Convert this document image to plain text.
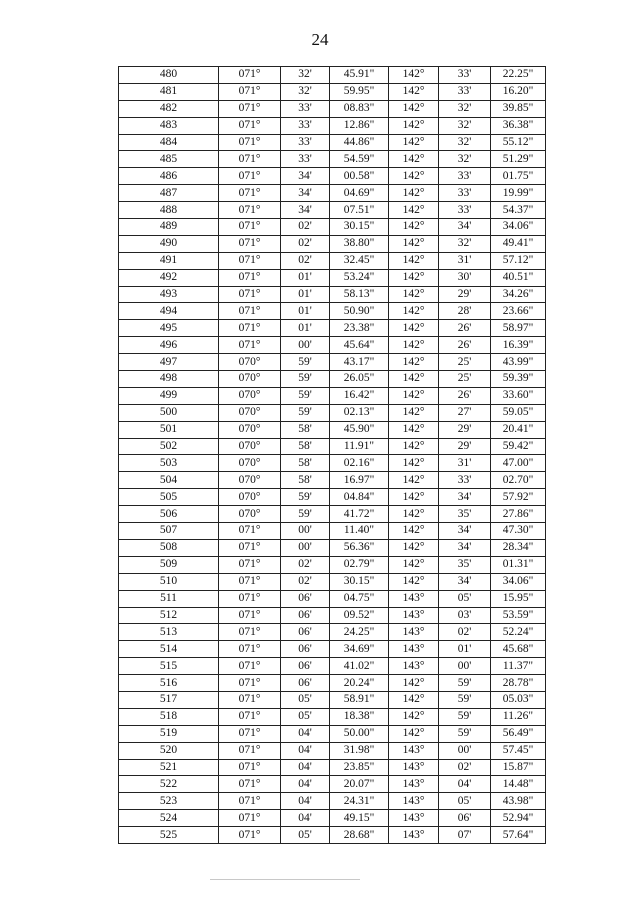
24
480	071°	32'	45.91"	142°	33'	22.25"
481	071°	32'	59.95"	142°	33'	16.20"
482	071°	33'	08.83"	142°	32'	39.85"
483	071°	33'	12.86"	142°	32'	36.38"
484	071°	33'	44.86"	142°	32'	55.12"
485	071°	33'	54.59"	142°	32'	51.29"
486	071°	34'	00.58"	142°	33'	01.75"
487	071°	34'	04.69"	142°	33'	19.99"
488	071°	34'	07.51"	142°	33'	54.37"
489	071°	02'	30.15"	142°	34'	34.06"
490	071°	02'	38.80"	142°	32'	49.41"
491	071°	02'	32.45"	142°	31'	57.12"
492	071°	01'	53.24"	142°	30'	40.51"
493	071°	01'	58.13"	142°	29'	34.26"
494	071°	01'	50.90"	142°	28'	23.66"
495	071°	01'	23.38"	142°	26'	58.97"
496	071°	00'	45.64"	142°	26'	16.39"
497	070°	59'	43.17"	142°	25'	43.99"
498	070°	59'	26.05"	142°	25'	59.39"
499	070°	59'	16.42"	142°	26'	33.60"
500	070°	59'	02.13"	142°	27'	59.05"
501	070°	58'	45.90"	142°	29'	20.41"
502	070°	58'	11.91"	142°	29'	59.42"
503	070°	58'	02.16"	142°	31'	47.00"
504	070°	58'	16.97"	142°	33'	02.70"
505	070°	59'	04.84"	142°	34'	57.92"
506	070°	59'	41.72"	142°	35'	27.86"
507	071°	00'	11.40"	142°	34'	47.30"
508	071°	00'	56.36"	142°	34'	28.34"
509	071°	02'	02.79"	142°	35'	01.31"
510	071°	02'	30.15"	142°	34'	34.06"
511	071°	06'	04.75"	143°	05'	15.95"
512	071°	06'	09.52"	143°	03'	53.59"
513	071°	06'	24.25"	143°	02'	52.24"
514	071°	06'	34.69"	143°	01'	45.68"
515	071°	06'	41.02"	143°	00'	11.37"
516	071°	06'	20.24"	142°	59'	28.78"
517	071°	05'	58.91"	142°	59'	05.03"
518	071°	05'	18.38"	142°	59'	11.26"
519	071°	04'	50.00"	142°	59'	56.49"
520	071°	04'	31.98"	143°	00'	57.45"
521	071°	04'	23.85"	143°	02'	15.87"
522	071°	04'	20.07"	143°	04'	14.48"
523	071°	04'	24.31"	143°	05'	43.98"
524	071°	04'	49.15"	143°	06'	52.94"
525	071°	05'	28.68"	143°	07'	57.64"
